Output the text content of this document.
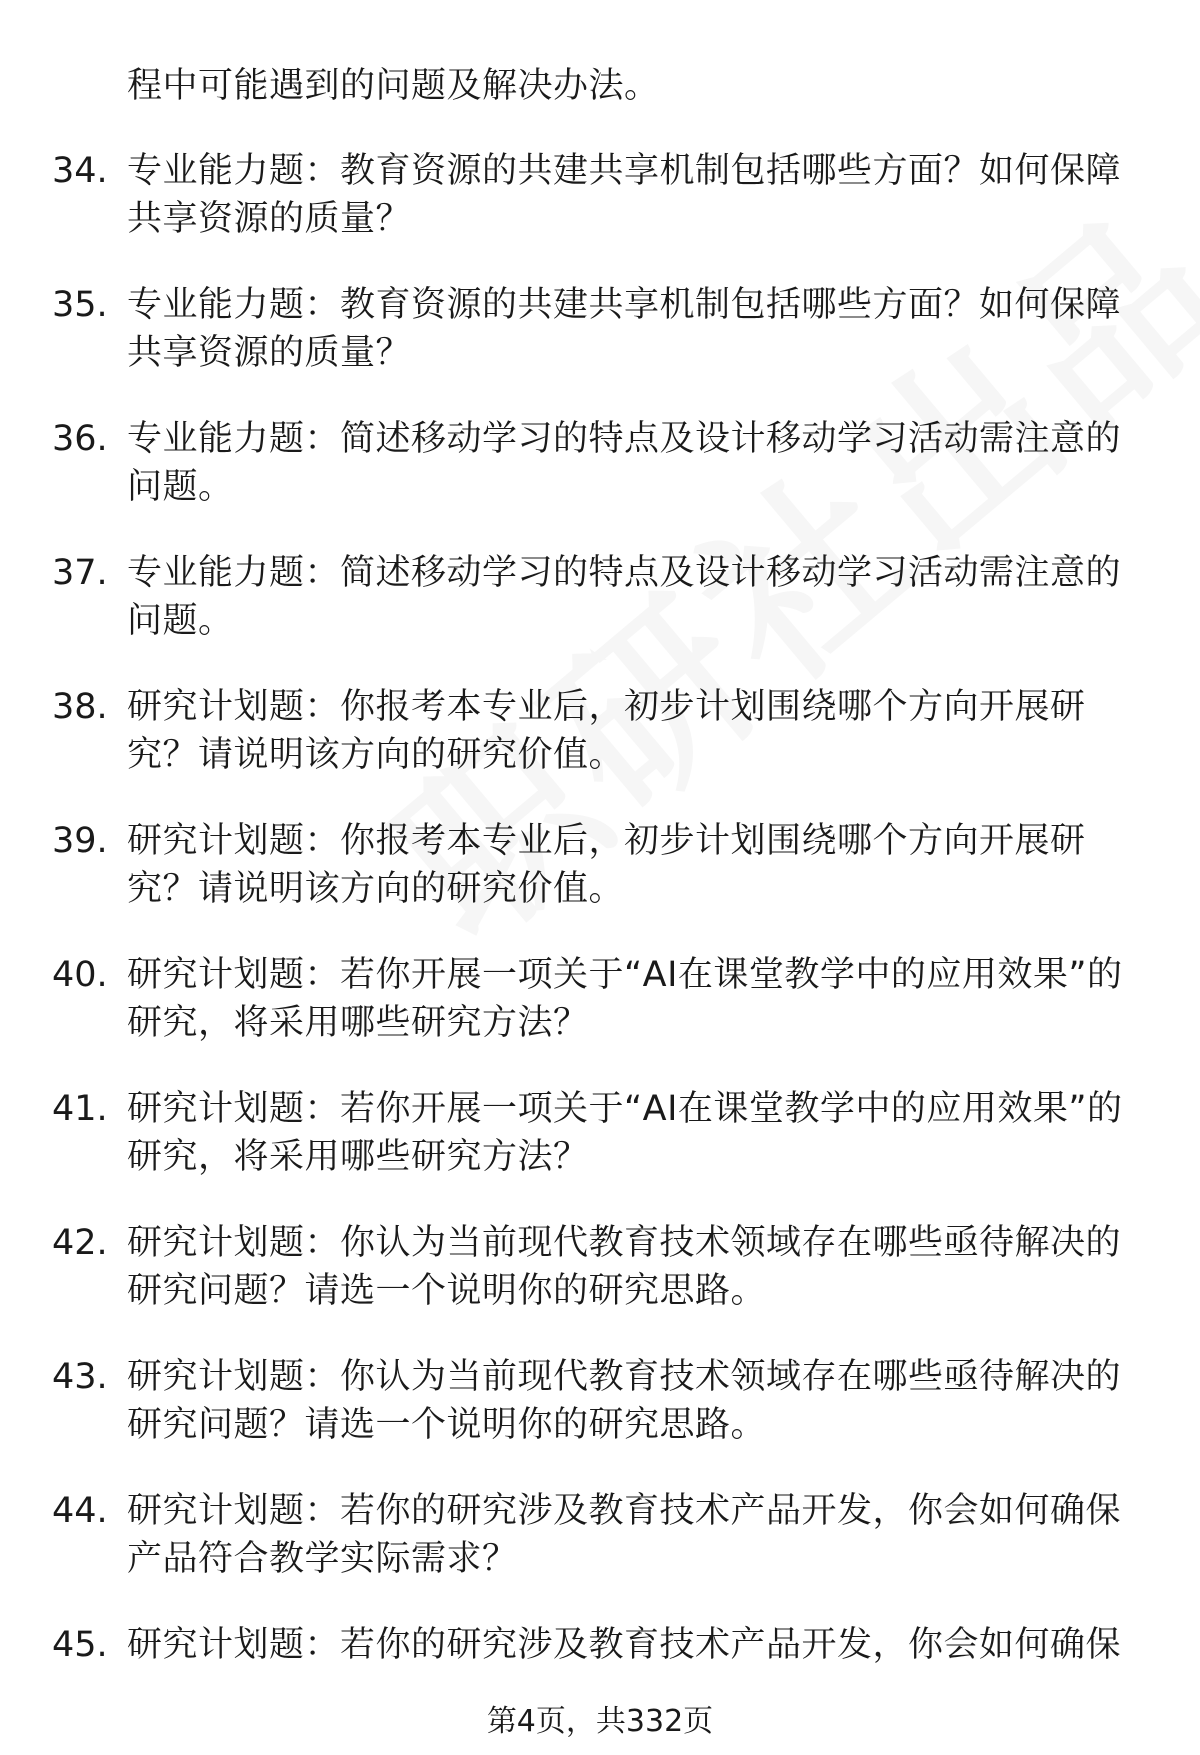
程中可能遇到的问题及解决办法。

34. 专业能力题：教育资源的共建共享机制包括哪些方面？如何保障共享资源的质量？
35. 专业能力题：教育资源的共建共享机制包括哪些方面？如何保障共享资源的质量？
36. 专业能力题：简述移动学习的特点及设计移动学习活动需注意的问题。
37. 专业能力题：简述移动学习的特点及设计移动学习活动需注意的问题。
38. 研究计划题：你报考本专业后，初步计划围绕哪个方向开展研究？请说明该方向的研究价值。
39. 研究计划题：你报考本专业后，初步计划围绕哪个方向开展研究？请说明该方向的研究价值。
40. 研究计划题：若你开展一项关于“AI在课堂教学中的应用效果”的研究，将采用哪些研究方法？
41. 研究计划题：若你开展一项关于“AI在课堂教学中的应用效果”的研究，将采用哪些研究方法？
42. 研究计划题：你认为当前现代教育技术领域存在哪些亟待解决的研究问题？请选一个说明你的研究思路。
43. 研究计划题：你认为当前现代教育技术领域存在哪些亟待解决的研究问题？请选一个说明你的研究思路。
44. 研究计划题：若你的研究涉及教育技术产品开发，你会如何确保产品符合教学实际需求？
45. 研究计划题：若你的研究涉及教育技术产品开发，你会如何确保
第4页，共332页
